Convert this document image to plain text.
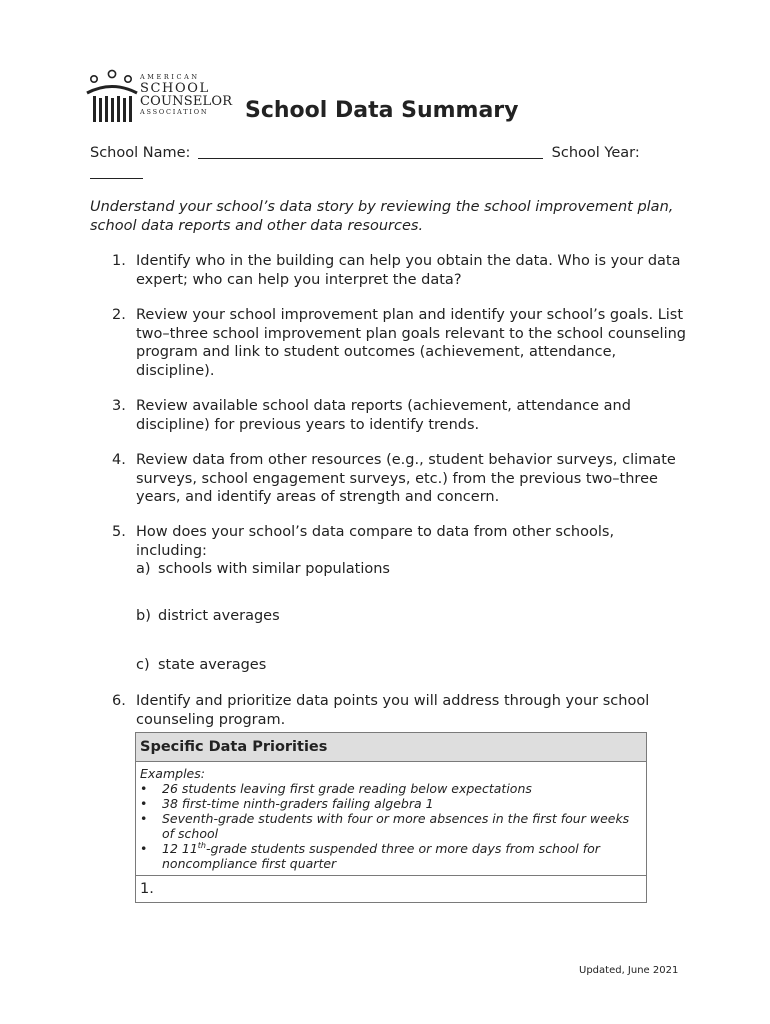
AMERICAN
SCHOOL
COUNSELOR
ASSOCIATION	School Data Summary
School Name:	School Year:
Understand your school’s data story by reviewing the school improvement plan, school data reports and other data resources.
1. Identify who in the building can help you obtain the data. Who is your data expert; who can help you interpret the data?
2. Review your school improvement plan and identify your school’s goals. List two–three school improvement plan goals relevant to the school counseling program and link to student outcomes (achievement, attendance, discipline).
3. Review available school data reports (achievement, attendance and discipline) for previous years to identify trends.
4. Review data from other resources (e.g., student behavior surveys, climate surveys, school engagement surveys, etc.) from the previous two–three years, and identify areas of strength and concern.
5. How does your school’s data compare to data from other schools, including:
a) schools with similar populations
b) district averages
c) state averages
6. Identify and prioritize data points you will address through your school counseling program.
Specific Data Priorities
Examples:
• 26 students leaving first grade reading below expectations
• 38 first-time ninth-graders failing algebra 1
• Seventh-grade students with four or more absences in the first four weeks of school
• 12 11th-grade students suspended three or more days from school for noncompliance first quarter
1.
Updated, June 2021
